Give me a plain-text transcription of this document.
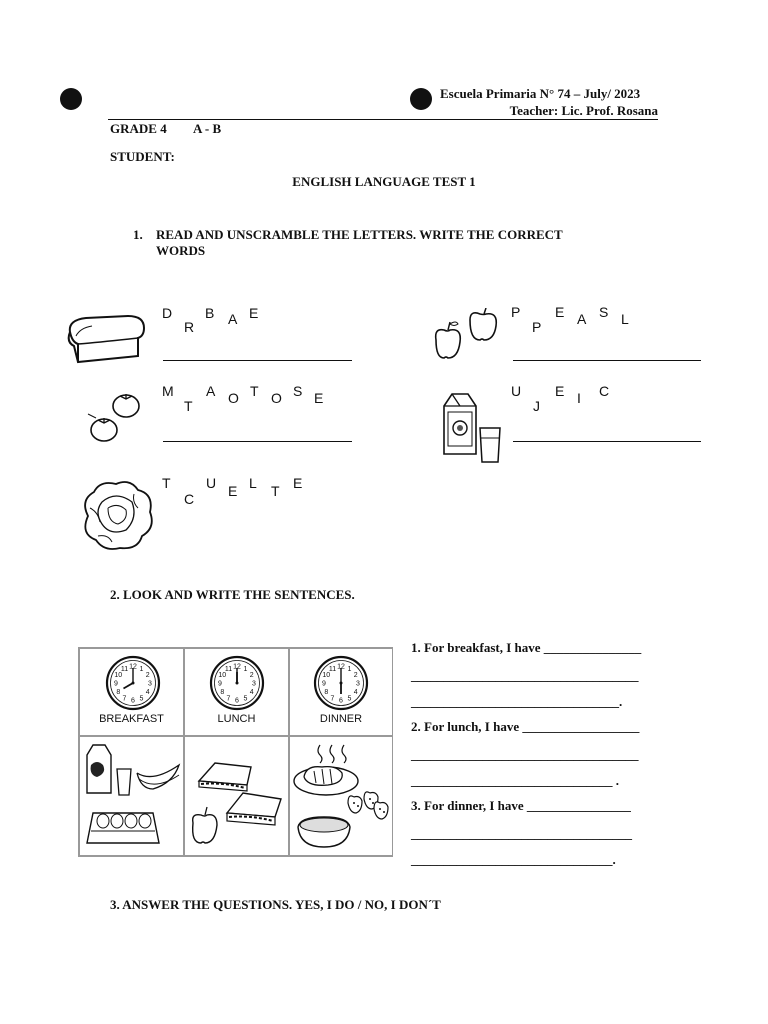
Escuela Primaria N° 74 – July/ 2023
Teacher: Lic. Prof. Rosana
GRADE 4 A - B
STUDENT:
ENGLISH LANGUAGE TEST 1
1. READ AND UNSCRAMBLE THE LETTERS. WRITE THE CORRECT
WORDS
D
R
B A E	P
P
E A S L
M
T
A O T O S E	U
J
E I C
T
C
U E L T E
2. LOOK AND WRITE THE SENTENCES.
12 1
2
3
4
5
6
7
8
9
10
11
BREAKFAST
12 1
2
3
4
5
6
7
8
9
10
11
LUNCH
12 1
2
3
4
5
6
7
8
9
10
11
DINNER
1. For breakfast, I have _______________
___________________________________
________________________________.
2. For lunch, I have __________________
___________________________________
_______________________________ .
3. For dinner, I have ________________
__________________________________
_______________________________.
3. ANSWER THE QUESTIONS. YES, I DO / NO, I DON´T
